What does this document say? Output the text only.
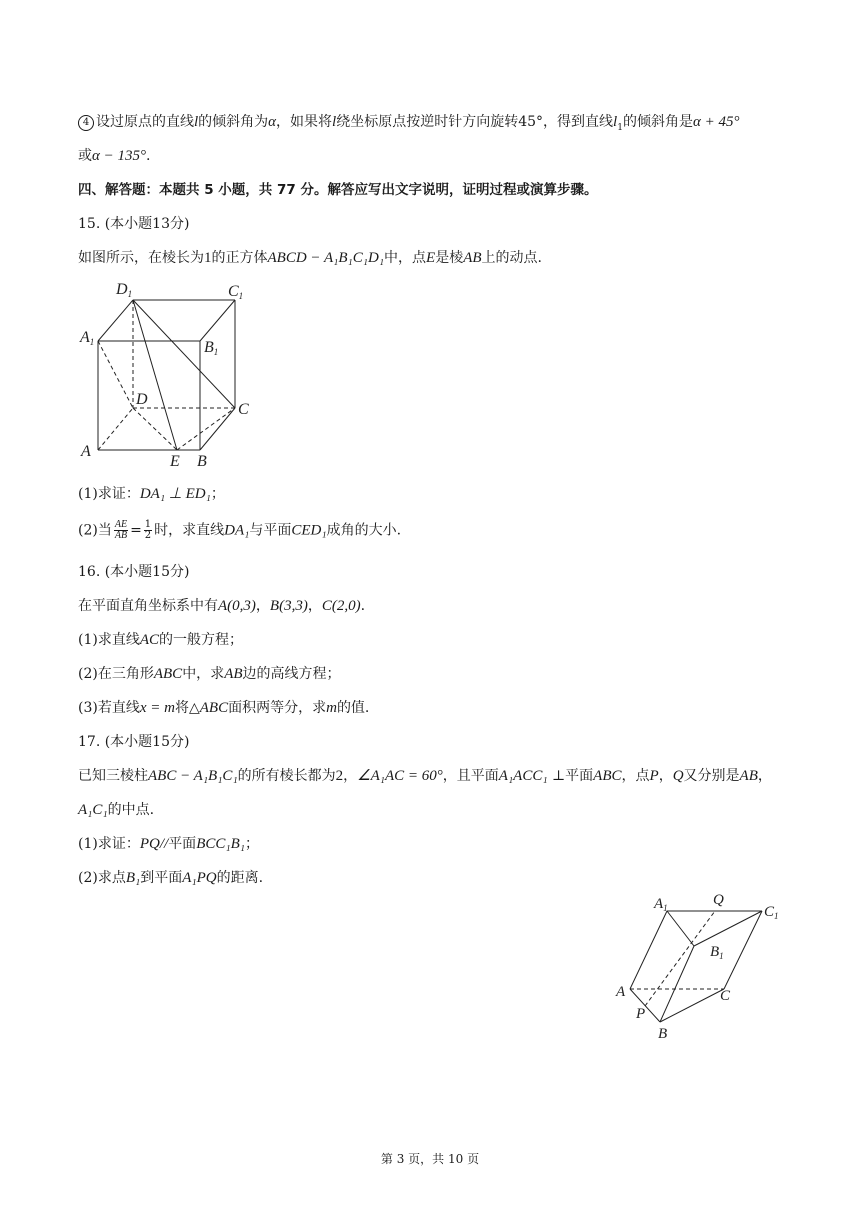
4 设过原点的直线l的倾斜角为α，如果将l绕坐标原点按逆时针方向旋转45°，得到直线$l_1$的倾斜角是α + 45°
或α − 135°.
四、解答题：本题共 5 小题，共 77 分。解答应写出文字说明，证明过程或演算步骤。
15. (本小题13分)
如图所示，在棱长为1的正方体ABCD − A₁B₁C₁D₁中，点E是棱AB上的动点.
D1	C1
A1	B1
D
C
A
E B
(1)求证：DA₁ ⊥ ED₁；
(2)当 $\frac{AE}{AB} = \frac{1}{2}$ 时，求直线DA₁与平面CED₁成角的大小.
16. (本小题15分)
在平面直角坐标系中有A(0,3)，B(3,3)，C(2,0).
(1)求直线AC的一般方程；
(2)在三角形ABC中，求AB边的高线方程；
(3)若直线x = m将△ABC面积两等分，求m的值.
17. (本小题15分)
已知三棱柱ABC − A₁B₁C₁的所有棱长都为2，∠A₁AC = 60°，且平面A₁ACC₁ ⊥平面ABC，点P，Q又分别是AB，
A₁C₁的中点.
(1)求证：PQ//平面BCC₁B₁；
(2)求点B₁到平面A₁PQ的距离.
$A_1$	Q
$C_1$
$B_1$
A	C
P
B
第 3 页，共 10 页
